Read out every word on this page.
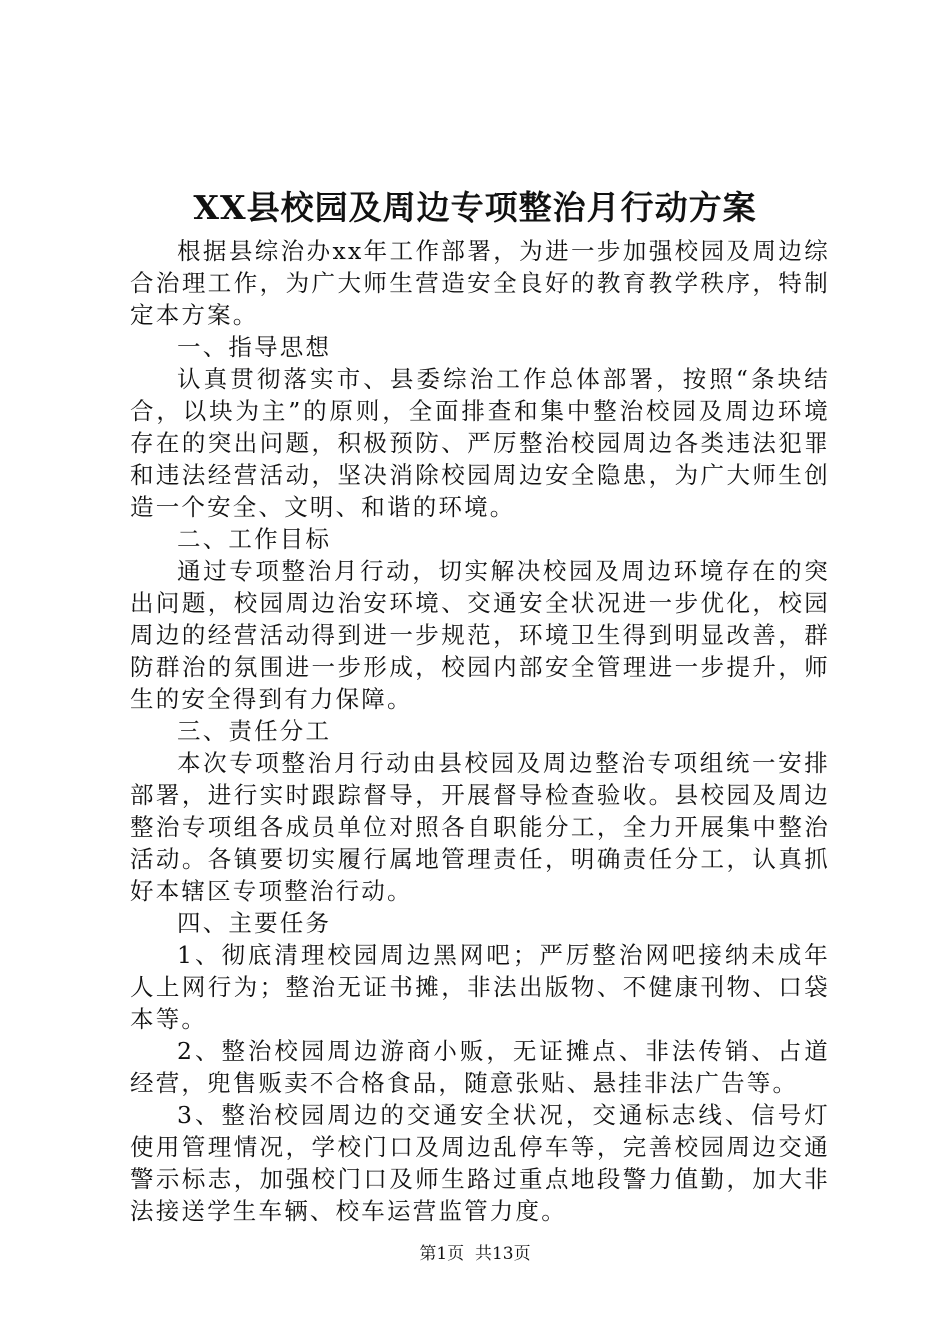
XX县校园及周边专项整治月行动方案

根据县综治办xx年工作部署，为进一步加强校园及周边综合治理工作，为广大师生营造安全良好的教育教学秩序，特制定本方案。

一、指导思想

认真贯彻落实市、县委综治工作总体部署，按照“条块结合，以块为主”的原则，全面排查和集中整治校园及周边环境存在的突出问题，积极预防、严厉整治校园周边各类违法犯罪和违法经营活动，坚决消除校园周边安全隐患，为广大师生创造一个安全、文明、和谐的环境。

二、工作目标

通过专项整治月行动，切实解决校园及周边环境存在的突出问题，校园周边治安环境、交通安全状况进一步优化，校园周边的经营活动得到进一步规范，环境卫生得到明显改善，群防群治的氛围进一步形成，校园内部安全管理进一步提升，师生的安全得到有力保障。

三、责任分工

本次专项整治月行动由县校园及周边整治专项组统一安排部署，进行实时跟踪督导，开展督导检查验收。县校园及周边整治专项组各成员单位对照各自职能分工，全力开展集中整治活动。各镇要切实履行属地管理责任，明确责任分工，认真抓好本辖区专项整治行动。

四、主要任务

1、彻底清理校园周边黑网吧；严厉整治网吧接纳未成年人上网行为；整治无证书摊，非法出版物、不健康刊物、口袋本等。

2、整治校园周边游商小贩，无证摊点、非法传销、占道经营，兜售贩卖不合格食品，随意张贴、悬挂非法广告等。

3、整治校园周边的交通安全状况，交通标志线、信号灯使用管理情况，学校门口及周边乱停车等，完善校园周边交通警示标志，加强校门口及师生路过重点地段警力值勤，加大非法接送学生车辆、校车运营监管力度。

第1页  共13页
